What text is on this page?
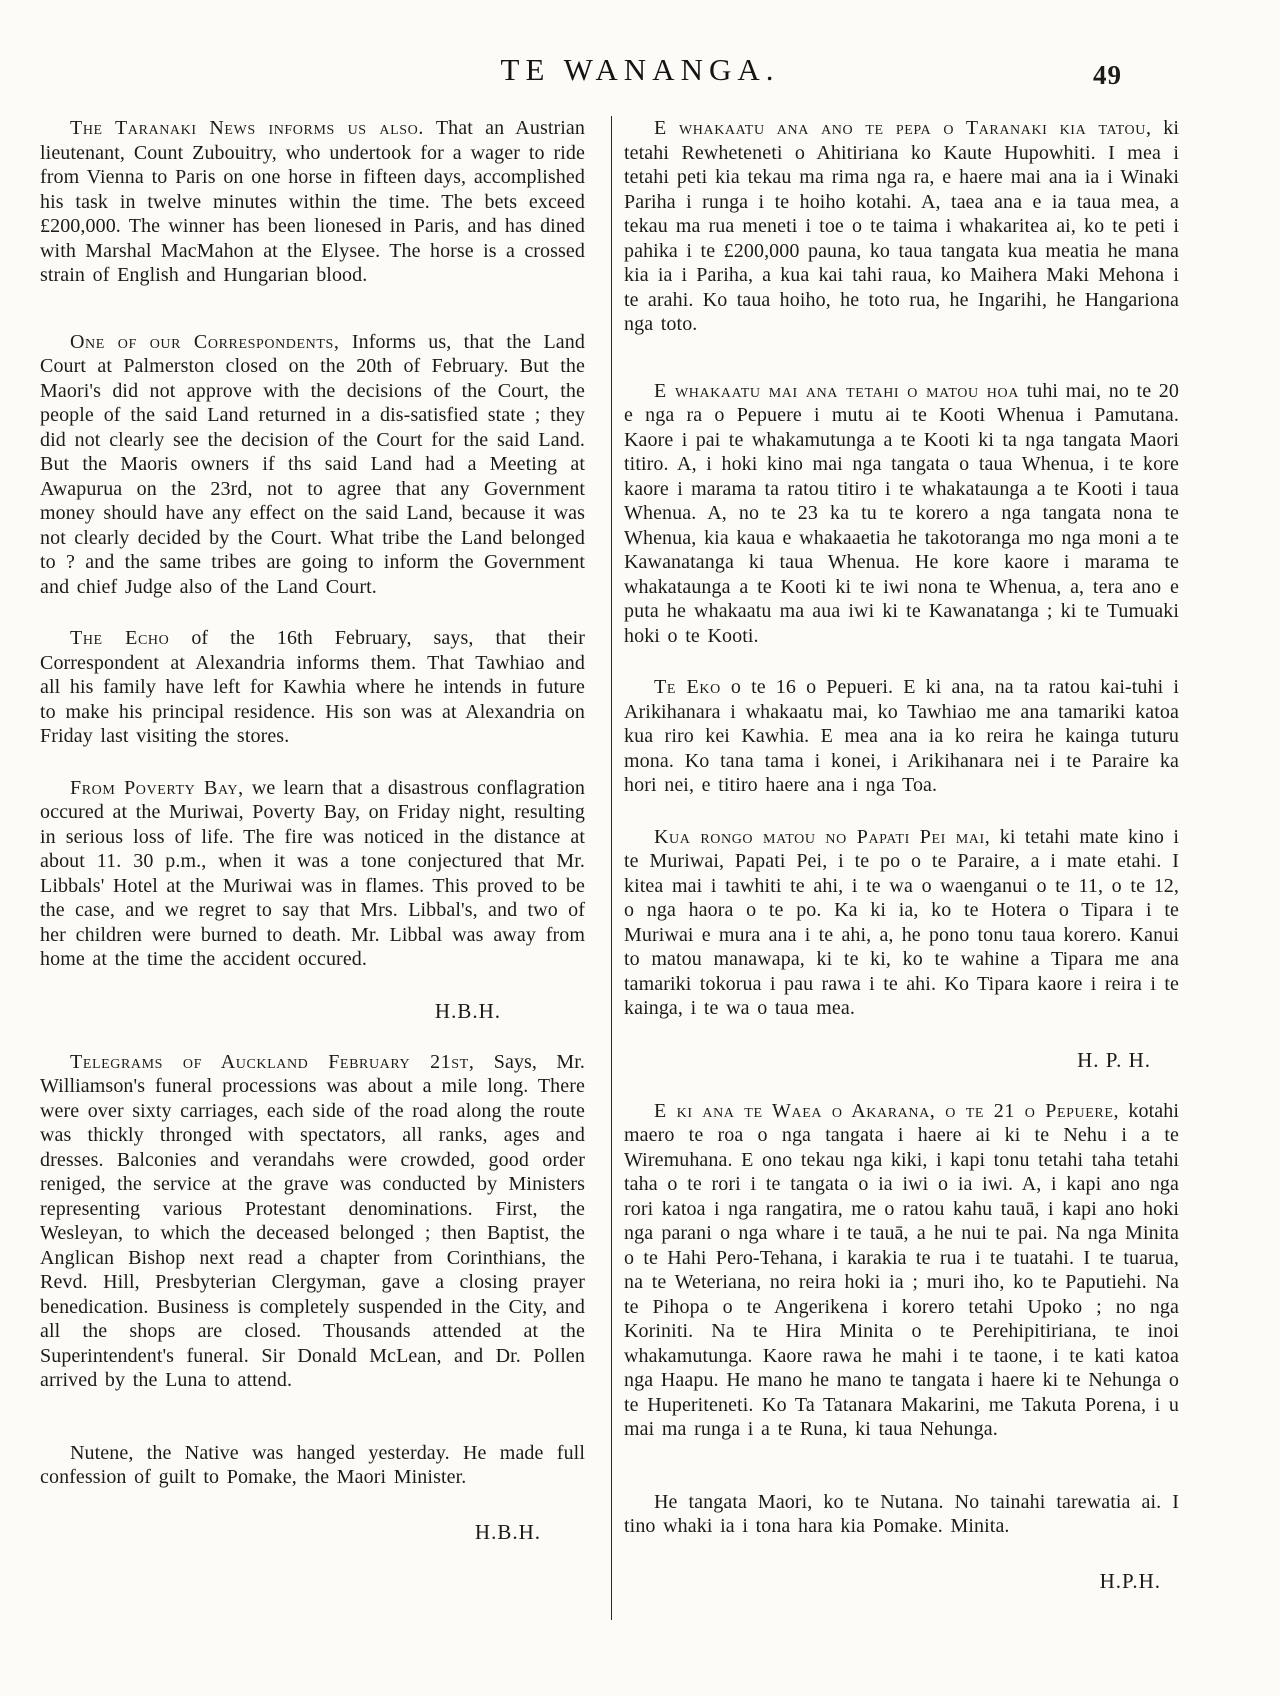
TE WANANGA.	49

The Taranaki News informs us also. That an Austrian lieutenant, Count Zubouitry, who undertook for a wager to ride from Vienna to Paris on one horse in fifteen days, accomplished his task in twelve minutes within the time. The bets exceed £200,000. The winner has been lionesed in Paris, and has dined with Marshal MacMahon at the Elysee. The horse is a crossed strain of English and Hungarian blood.

One of our Correspondents, Informs us, that the Land Court at Palmerston closed on the 20th of February. But the Maori's did not approve with the decisions of the Court, the people of the said Land returned in a dis-satisfied state ; they did not clearly see the decision of the Court for the said Land. But the Maoris owners if ths said Land had a Meeting at Awapurua on the 23rd, not to agree that any Government money should have any effect on the said Land, because it was not clearly decided by the Court. What tribe the Land belonged to ? and the same tribes are going to inform the Government and chief Judge also of the Land Court.

The Echo of the 16th February, says, that their Correspondent at Alexandria informs them. That Tawhiao and all his family have left for Kawhia where he intends in future to make his principal residence. His son was at Alexandria on Friday last visiting the stores.

From Poverty Bay, we learn that a disastrous conflagration occured at the Muriwai, Poverty Bay, on Friday night, resulting in serious loss of life. The fire was noticed in the distance at about 11. 30 p.m., when it was a tone conjectured that Mr. Libbals' Hotel at the Muriwai was in flames. This proved to be the case, and we regret to say that Mrs. Libbal's, and two of her children were burned to death. Mr. Libbal was away from home at the time the accident occured.

H.B.H.

Telegrams of Auckland February 21st, Says, Mr. Williamson's funeral processions was about a mile long. There were over sixty carriages, each side of the road along the route was thickly thronged with spectators, all ranks, ages and dresses. Balconies and verandahs were crowded, good order reniged, the service at the grave was conducted by Ministers representing various Protestant denominations. First, the Wesleyan, to which the deceased belonged ; then Baptist, the Anglican Bishop next read a chapter from Corinthians, the Revd. Hill, Presbyterian Clergyman, gave a closing prayer benedication. Business is completely suspended in the City, and all the shops are closed. Thousands attended at the Superintendent's funeral. Sir Donald McLean, and Dr. Pollen arrived by the Luna to attend.

Nutene, the Native was hanged yesterday. He made full confession of guilt to Pomake, the Maori Minister.

H.B.H.

E whakaatu ana ano te pepa o Taranaki kia tatou, ki tetahi Rewheteneti o Ahitiriana ko Kaute Hupowhiti. I mea i tetahi peti kia tekau ma rima nga ra, e haere mai ana ia i Winaki Pariha i runga i te hoiho kotahi. A, taea ana e ia taua mea, a tekau ma rua meneti i toe o te taima i whakaritea ai, ko te peti i pahika i te £200,000 pauna, ko taua tangata kua meatia he mana kia ia i Pariha, a kua kai tahi raua, ko Maihera Maki Mehona i te arahi. Ko taua hoiho, he toto rua, he Ingarihi, he Hangariona nga toto.

E whakaatu mai ana tetahi o matou hoa tuhi mai, no te 20 e nga ra o Pepuere i mutu ai te Kooti Whenua i Pamutana. Kaore i pai te whakamutunga a te Kooti ki ta nga tangata Maori titiro. A, i hoki kino mai nga tangata o taua Whenua, i te kore kaore i marama ta ratou titiro i te whakataunga a te Kooti i taua Whenua. A, no te 23 ka tu te korero a nga tangata nona te Whenua, kia kaua e whakaaetia he takotoranga mo nga moni a te Kawanatanga ki taua Whenua. He kore kaore i marama te whakataunga a te Kooti ki te iwi nona te Whenua, a, tera ano e puta he whakaatu ma aua iwi ki te Kawanatanga ; ki te Tumuaki hoki o te Kooti.

Te Eko o te 16 o Pepueri. E ki ana, na ta ratou kai-tuhi i Arikihanara i whakaatu mai, ko Tawhiao me ana tamariki katoa kua riro kei Kawhia. E mea ana ia ko reira he kainga tuturu mona. Ko tana tama i konei, i Arikihanara nei i te Paraire ka hori nei, e titiro haere ana i nga Toa.

Kua rongo matou no Papati Pei mai, ki tetahi mate kino i te Muriwai, Papati Pei, i te po o te Paraire, a i mate etahi. I kitea mai i tawhiti te ahi, i te wa o waenganui o te 11, o te 12, o nga haora o te po. Ka ki ia, ko te Hotera o Tipara i te Muriwai e mura ana i te ahi, a, he pono tonu taua korero. Kanui to matou manawapa, ki te ki, ko te wahine a Tipara me ana tamariki tokorua i pau rawa i te ahi. Ko Tipara kaore i reira i te kainga, i te wa o taua mea.

H. P. H.

E ki ana te Waea o Akarana, o te 21 o Pepuere, kotahi maero te roa o nga tangata i haere ai ki te Nehu i a te Wiremuhana. E ono tekau nga kiki, i kapi tonu tetahi taha tetahi taha o te rori i te tangata o ia iwi o ia iwi. A, i kapi ano nga rori katoa i nga rangatira, me o ratou kahu tauā, i kapi ano hoki nga parani o nga whare i te tauā, a he nui te pai. Na nga Minita o te Hahi Pero-Tehana, i karakia te rua i te tuatahi. I te tuarua, na te Weteriana, no reira hoki ia ; muri iho, ko te Paputiehi. Na te Pihopa o te Angerikena i korero tetahi Upoko ; no nga Koriniti. Na te Hira Minita o te Perehipitiriana, te inoi whakamutunga. Kaore rawa he mahi i te taone, i te kati katoa nga Haapu. He mano he mano te tangata i haere ki te Nehunga o te Huperiteneti. Ko Ta Tatanara Makarini, me Takuta Porena, i u mai ma runga i a te Runa, ki taua Nehunga.

He tangata Maori, ko te Nutana. No tainahi tarewatia ai. I tino whaki ia i tona hara kia Pomake. Minita.

H.P.H.
